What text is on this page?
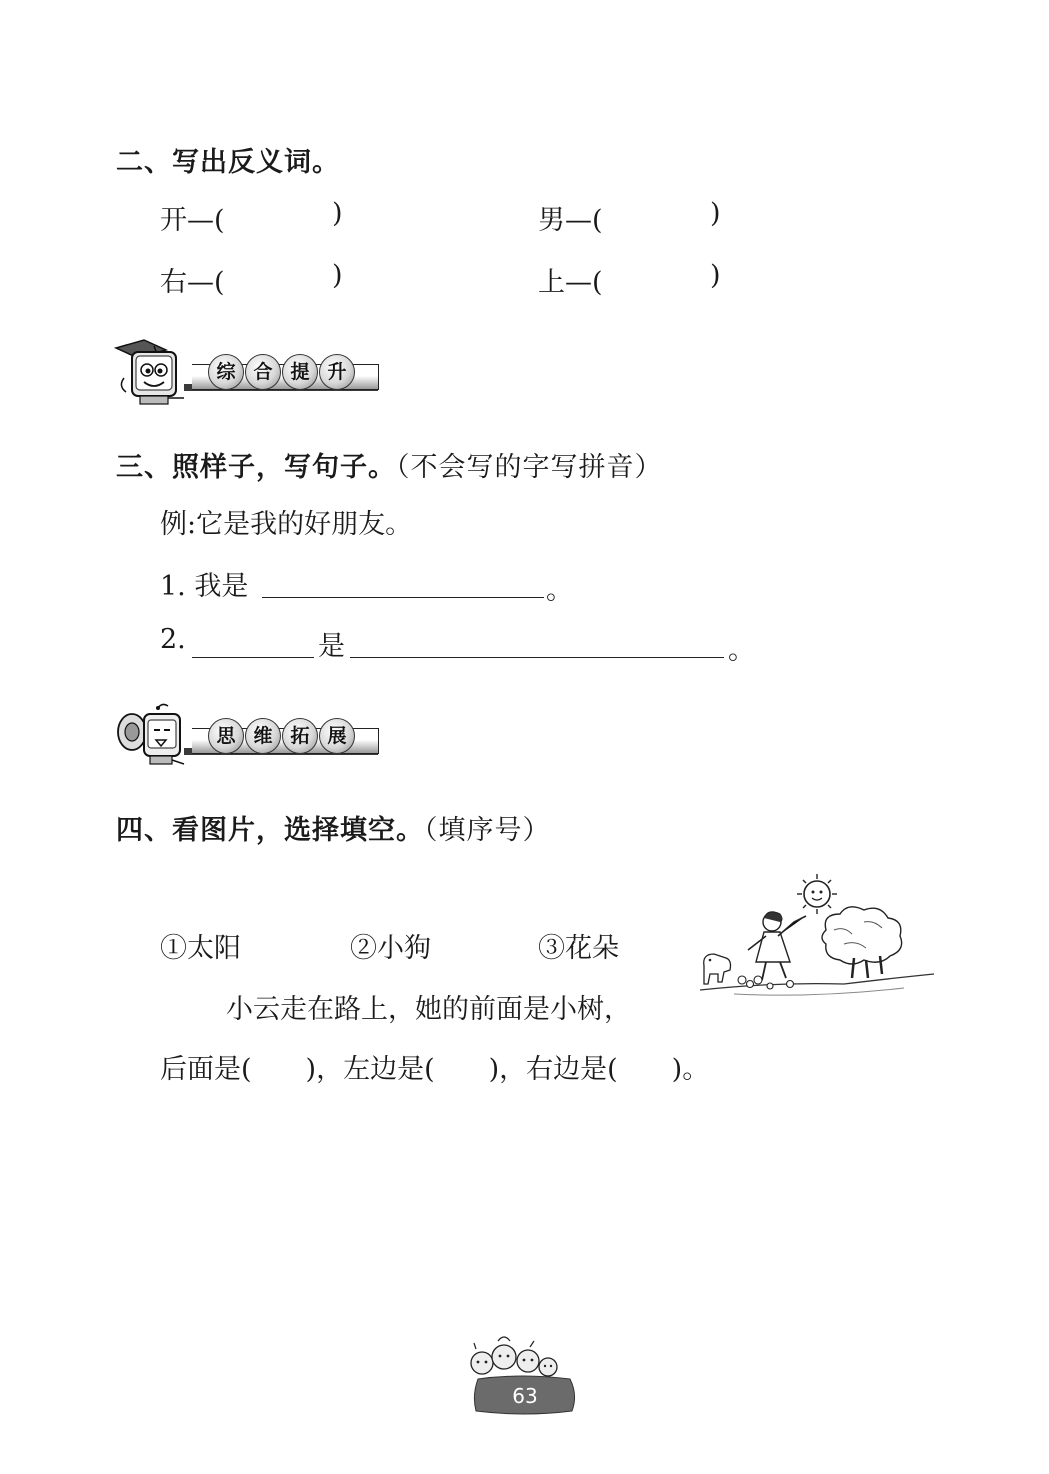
二、写出反义词。
开—(	)	男—(	)
右—(	)	上—(	)
综 合 提 升
三、照样子，写句子。（不会写的字写拼音）
例:它是我的好朋友。
1. 我是	。
2.	是	。
思 维 拓 展
四、看图片，选择填空。（填序号）
①太阳	②小狗	③花朵
小云走在路上，她的前面是小树，
后面是(　　)，左边是(　　)，右边是(　　)。
63
